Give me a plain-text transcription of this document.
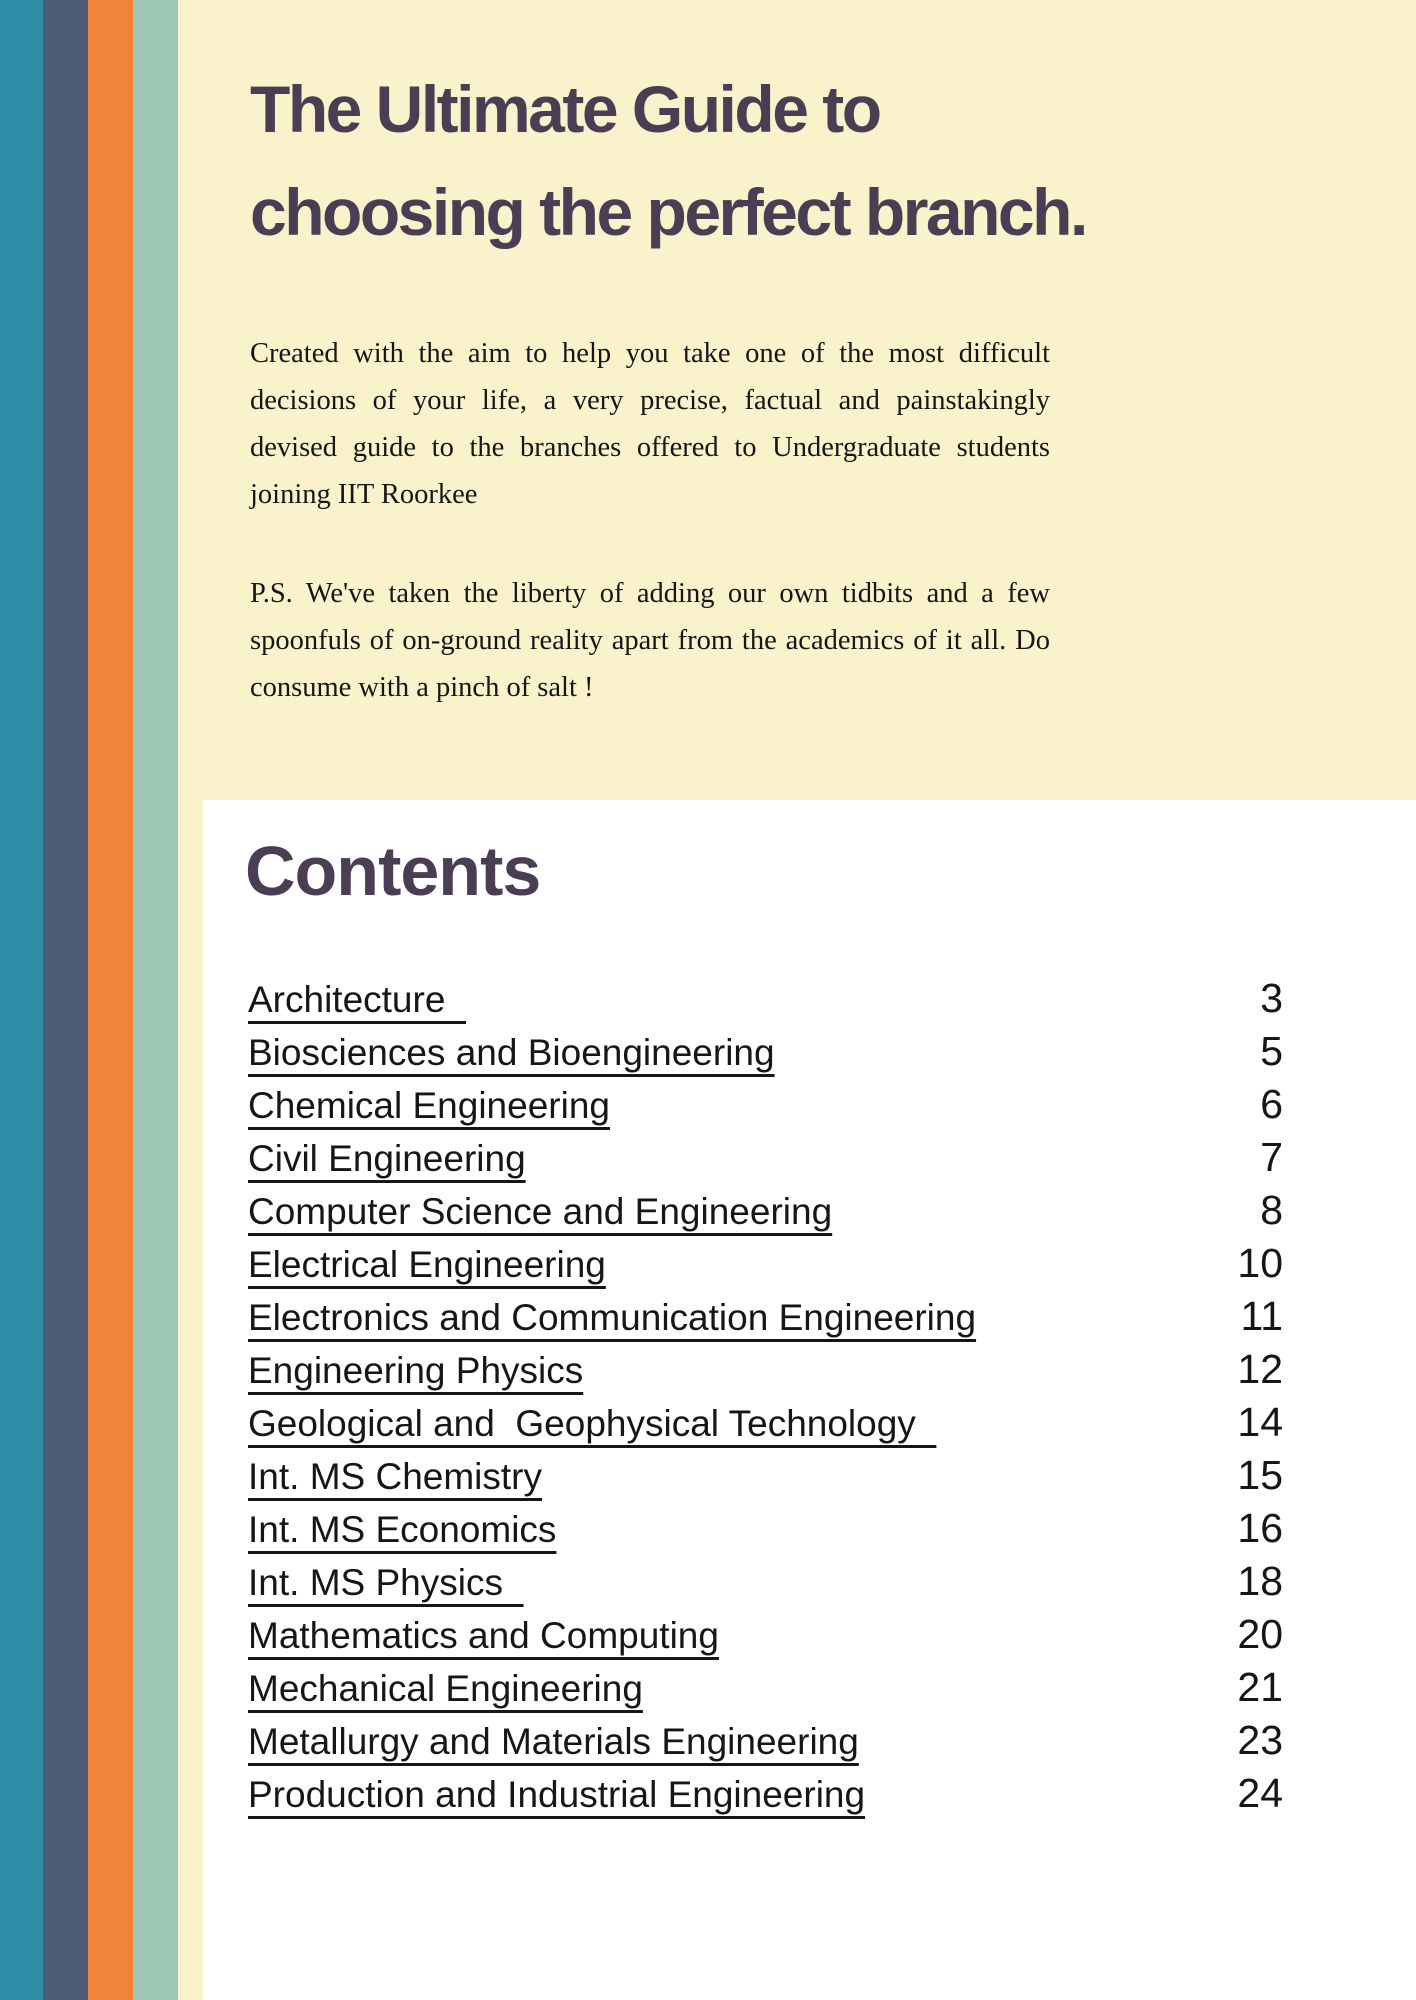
The Ultimate Guide to
choosing the perfect branch.

Created with the aim to help you take one of the most difficult decisions of your life, a very precise, factual and painstakingly devised guide to the branches offered to Undergraduate students joining IIT Roorkee

P.S. We've taken the liberty of adding our own tidbits and a few spoonfuls of on-ground reality apart from the academics of it all. Do consume with a pinch of salt !

Contents
Architecture	3
Biosciences and Bioengineering	5
Chemical Engineering	6
Civil Engineering	7
Computer Science and Engineering	8
Electrical Engineering	10
Electronics and Communication Engineering	11
Engineering Physics	12
Geological and  Geophysical Technology	14
Int. MS Chemistry	15
Int. MS Economics	16
Int. MS Physics	18
Mathematics and Computing	20
Mechanical Engineering	21
Metallurgy and Materials Engineering	23
Production and Industrial Engineering	24
